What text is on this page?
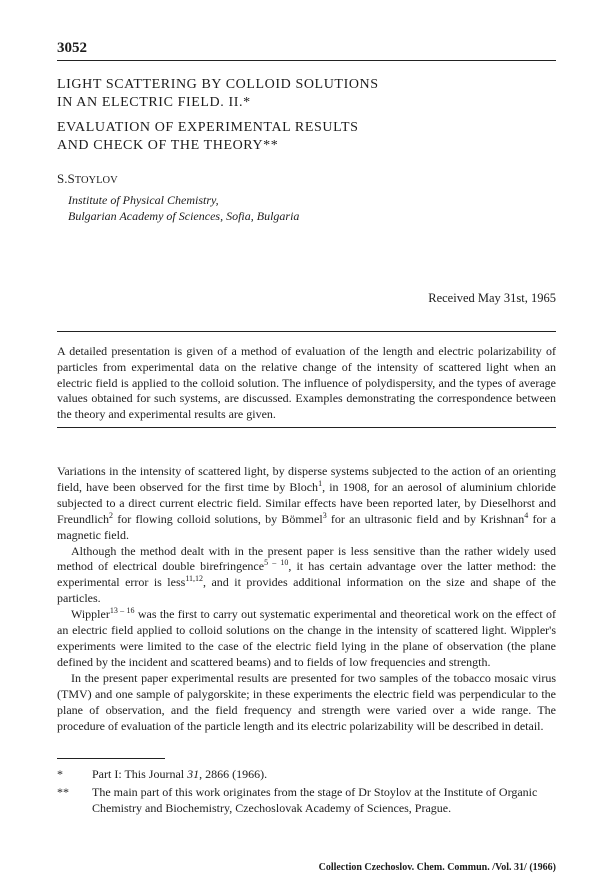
3052
LIGHT SCATTERING BY COLLOID SOLUTIONS
IN AN ELECTRIC FIELD. II.*
EVALUATION OF EXPERIMENTAL RESULTS
AND CHECK OF THE THEORY**
S.STOYLOV
Institute of Physical Chemistry,
Bulgarian Academy of Sciences, Sofia, Bulgaria
Received May 31st, 1965
A detailed presentation is given of a method of evaluation of the length and electric polarizability of particles from experimental data on the relative change of the intensity of scattered light when an electric field is applied to the colloid solution. The influence of polydispersity, and the types of average values obtained for such systems, are discussed. Examples demonstrating the correspondence between the theory and experimental results are given.

Variations in the intensity of scattered light, by disperse systems subjected to the action of an orienting field, have been observed for the first time by Bloch$^1$, in 1908, for an aerosol of aluminium chloride subjected to a direct current electric field. Similar effects have been reported later, by Dieselhorst and Freundlich$^2$ for flowing colloid solutions, by Bömmel$^3$ for an ultrasonic field and by Krishnan$^4$ for a magnetic field.

Although the method dealt with in the present paper is less sensitive than the rather widely used method of electrical double birefringence$^{5 - 10}$, it has certain advantage over the latter method: the experimental error is less$^{11,12}$, and it provides additional information on the size and shape of the particles.

Wippler$^{13 - 16}$ was the first to carry out systematic experimental and theoretical work on the effect of an electric field applied to colloid solutions on the change in the intensity of scattered light. Wippler's experiments were limited to the case of the electric field lying in the plane of observation (the plane defined by the incident and scattered beams) and to fields of low frequencies and strength.

In the present paper experimental results are presented for two samples of the tobacco mosaic virus (TMV) and one sample of palygorskite; in these experiments the electric field was perpendicular to the plane of observation, and the field frequency and strength were varied over a wide range. The procedure of evaluation of the particle length and its electric polarizability will be described in detail.

* Part I: This Journal 31, 2866 (1966).
** The main part of this work originates from the stage of Dr Stoylov at the Institute of Organic Chemistry and Biochemistry, Czechoslovak Academy of Sciences, Prague.
Collection Czechoslov. Chem. Commun. /Vol. 31/ (1966)
